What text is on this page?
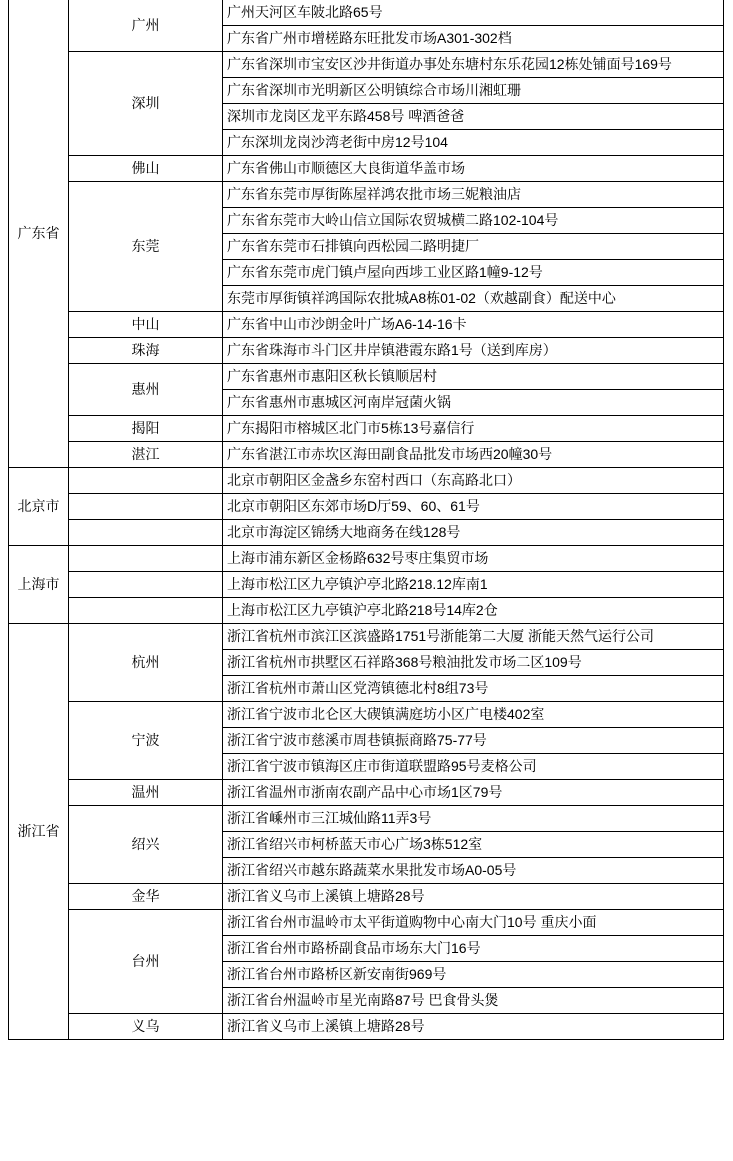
广东省	广州	广州天河区车陂北路65号
		广东省广州市增槎路东旺批发市场A301-302档
	深圳	广东省深圳市宝安区沙井街道办事处东塘村东乐花园12栋处铺面号169号
		广东省深圳市光明新区公明镇综合市场川湘虹珊
		深圳市龙岗区龙平东路458号 啤酒爸爸
		广东深圳龙岗沙湾老街中房12号104
	佛山	广东省佛山市顺德区大良街道华盖市场
	东莞	广东省东莞市厚街陈屋祥鸿农批市场三妮粮油店
		广东省东莞市大岭山信立国际农贸城横二路102-104号
		广东省东莞市石排镇向西松园二路明捷厂
		广东省东莞市虎门镇卢屋向西埗工业区路1幢9-12号
		东莞市厚街镇祥鸿国际农批城A8栋01-02（欢越副食）配送中心
	中山	广东省中山市沙朗金叶广场A6-14-16卡
	珠海	广东省珠海市斗门区井岸镇港霞东路1号（送到库房）
	惠州	广东省惠州市惠阳区秋长镇顺居村
		广东省惠州市惠城区河南岸冠菌火锅
	揭阳	广东揭阳市榕城区北门市5栋13号嘉信行
	湛江	广东省湛江市赤坎区海田副食品批发市场西20幢30号
北京市		北京市朝阳区金盏乡东窑村西口（东高路北口）
		北京市朝阳区东郊市场D厅59、60、61号
		北京市海淀区锦绣大地商务在线128号
上海市		上海市浦东新区金杨路632号枣庄集贸市场
		上海市松江区九亭镇沪亭北路218.12库南1
		上海市松江区九亭镇沪亭北路218号14库2仓
浙江省	杭州	浙江省杭州市滨江区滨盛路1751号浙能第二大厦 浙能天然气运行公司
		浙江省杭州市拱墅区石祥路368号粮油批发市场二区109号
		浙江省杭州市萧山区党湾镇德北村8组73号
	宁波	浙江省宁波市北仑区大碶镇满庭坊小区广电楼402室
		浙江省宁波市慈溪市周巷镇振商路75-77号
		浙江省宁波市镇海区庄市街道联盟路95号麦格公司
	温州	浙江省温州市浙南农副产品中心市场1区79号
	绍兴	浙江省嵊州市三江城仙路11弄3号
		浙江省绍兴市柯桥蓝天市心广场3栋512室
		浙江省绍兴市越东路蔬菜水果批发市场A0-05号
	金华	浙江省义乌市上溪镇上塘路28号
	台州	浙江省台州市温岭市太平街道购物中心南大门10号 重庆小面
		浙江省台州市路桥副食品市场东大门16号
		浙江省台州市路桥区新安南街969号
		浙江省台州温岭市星光南路87号 巴食骨头煲
	义乌	浙江省义乌市上溪镇上塘路28号
